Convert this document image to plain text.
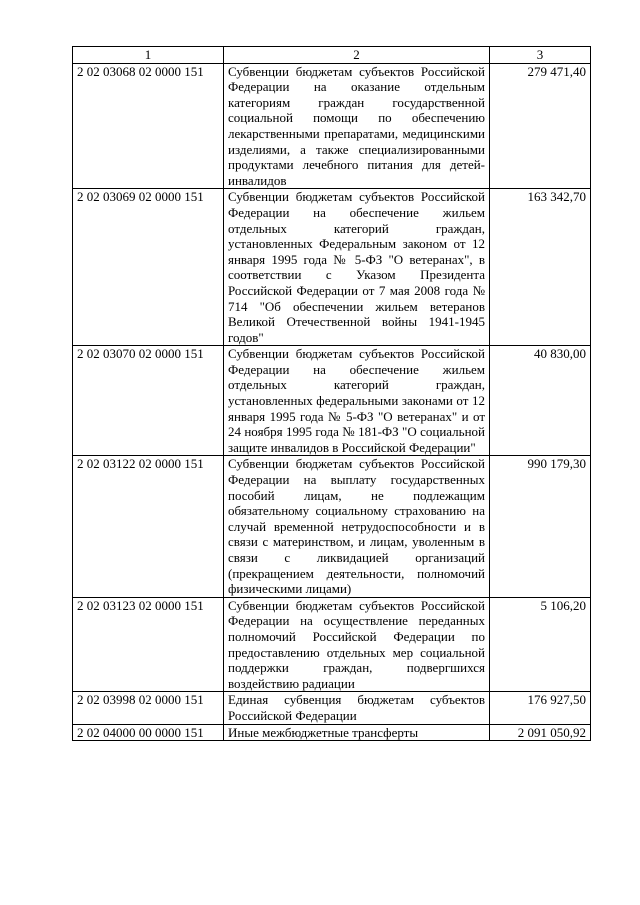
1	2	3
2 02 03068 02 0000 151	Субвенции бюджетам субъектов Российской Федерации на оказание отдельным категориям граждан государственной социальной помощи по обеспечению лекарственными препаратами, медицинскими изделиями, а также специализированными продуктами лечебного питания для детей-инвалидов	279 471,40
2 02 03069 02 0000 151	Субвенции бюджетам субъектов Российской Федерации на обеспечение жильем отдельных категорий граждан, установленных Федеральным законом от 12 января 1995 года № 5-ФЗ "О ветеранах", в соответствии с Указом Президента Российской Федерации от 7 мая 2008 года № 714 "Об обеспечении жильем ветеранов Великой Отечественной войны 1941-1945 годов"	163 342,70
2 02 03070 02 0000 151	Субвенции бюджетам субъектов Российской Федерации на обеспечение жильем отдельных категорий граждан, установленных федеральными законами от 12 января 1995 года № 5-ФЗ "О ветеранах" и от 24 ноября 1995 года № 181-ФЗ "О социальной защите инвалидов в Российской Федерации"	40 830,00
2 02 03122 02 0000 151	Субвенции бюджетам субъектов Российской Федерации на выплату государственных пособий лицам, не подлежащим обязательному социальному страхованию на случай временной нетрудоспособности и в связи с материнством, и лицам, уволенным в связи с ликвидацией организаций (прекращением деятельности, полномочий физическими лицами)	990 179,30
2 02 03123 02 0000 151	Субвенции бюджетам субъектов Российской Федерации на осуществление переданных полномочий Российской Федерации по предоставлению отдельных мер социальной поддержки граждан, подвергшихся воздействию радиации	5 106,20
2 02 03998 02 0000 151	Единая субвенция бюджетам субъектов Российской Федерации	176 927,50
2 02 04000 00 0000 151	Иные межбюджетные трансферты	2 091 050,92
